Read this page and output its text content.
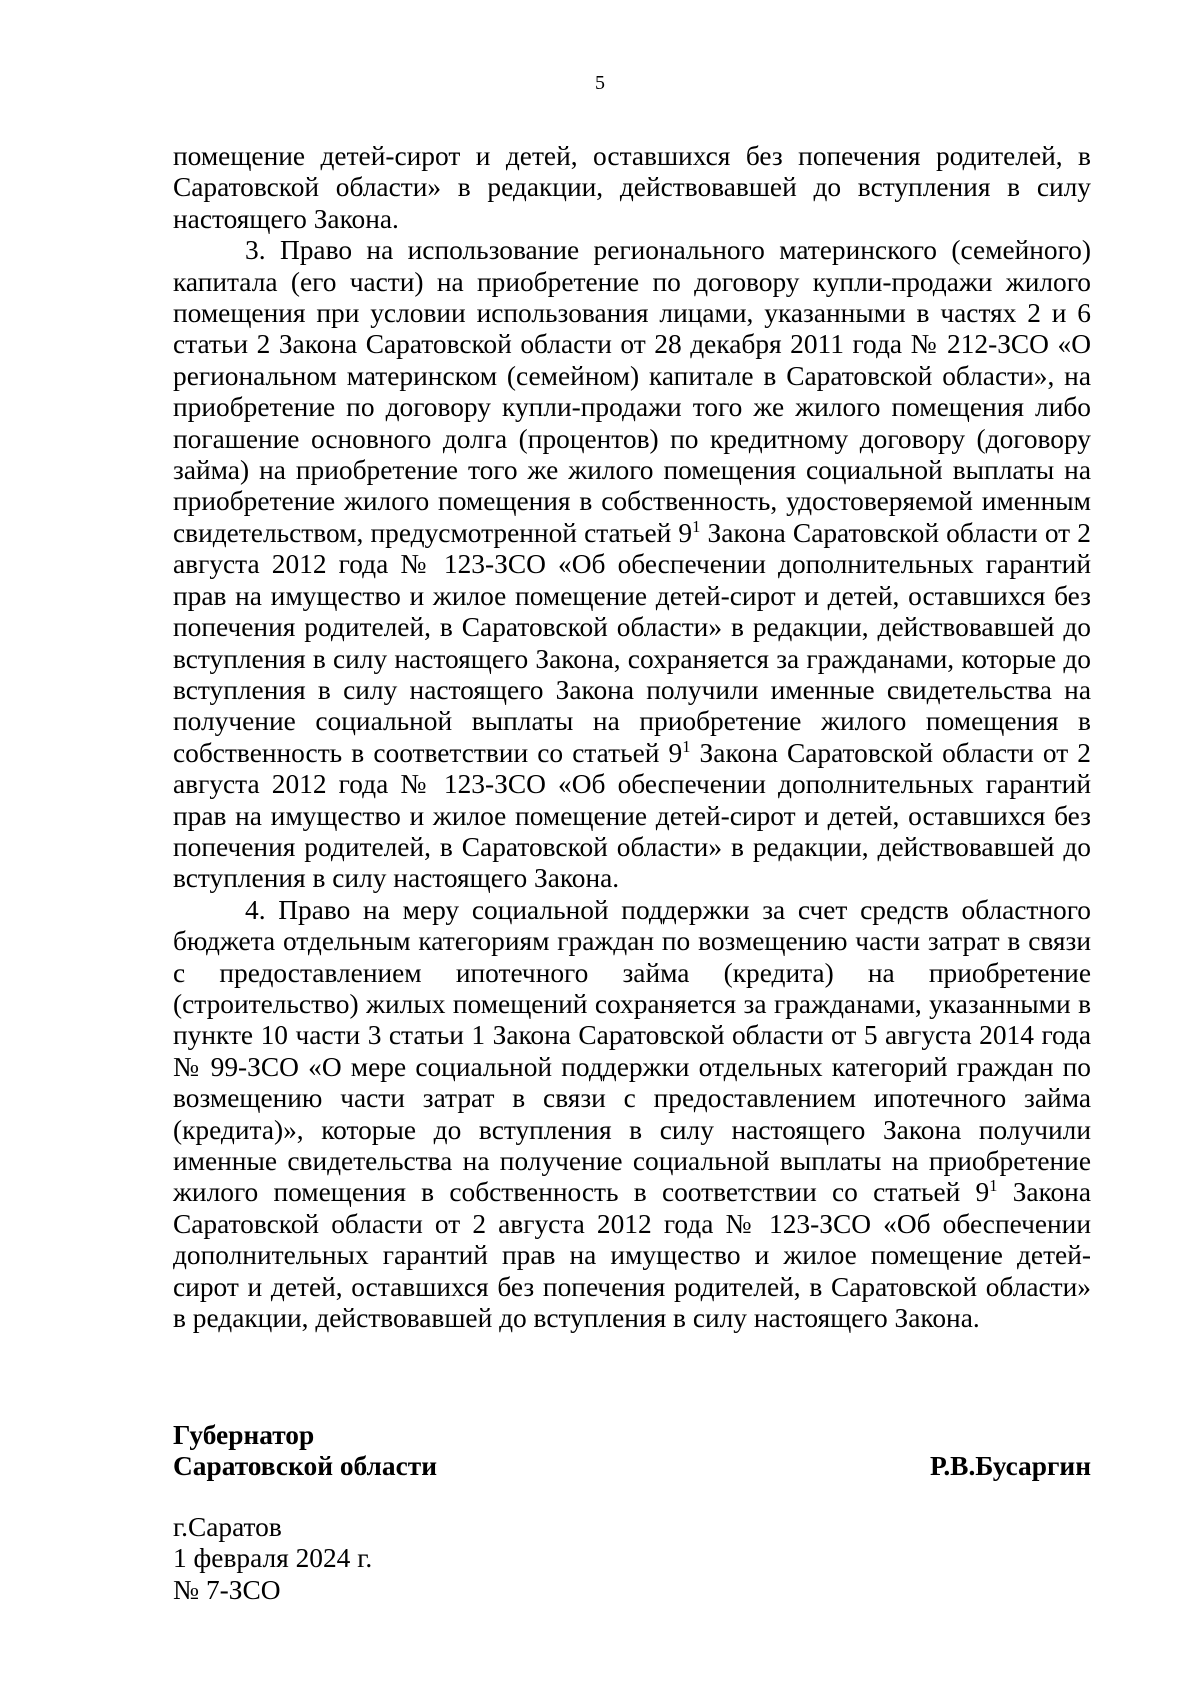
5

помещение детей-сирот и детей, оставшихся без попечения родителей, в Саратовской области» в редакции, действовавшей до вступления в силу настоящего Закона.

3. Право на использование регионального материнского (семейного) капитала (его части) на приобретение по договору купли-продажи жилого помещения при условии использования лицами, указанными в частях 2 и 6 статьи 2 Закона Саратовской области от 28 декабря 2011 года № 212-ЗСО «О региональном материнском (семейном) капитале в Саратовской области», на приобретение по договору купли-продажи того же жилого помещения либо погашение основного долга (процентов) по кредитному договору (договору займа) на приобретение того же жилого помещения социальной выплаты на приобретение жилого помещения в собственность, удостоверяемой именным свидетельством, предусмотренной статьей $9^1$ Закона Саратовской области от 2 августа 2012 года № 123-ЗСО «Об обеспечении дополнительных гарантий прав на имущество и жилое помещение детей-сирот и детей, оставшихся без попечения родителей, в Саратовской области» в редакции, действовавшей до вступления в силу настоящего Закона, сохраняется за гражданами, которые до вступления в силу настоящего Закона получили именные свидетельства на получение социальной выплаты на приобретение жилого помещения в собственность в соответствии со статьей $9^1$ Закона Саратовской области от 2 августа 2012 года № 123-ЗСО «Об обеспечении дополнительных гарантий прав на имущество и жилое помещение детей-сирот и детей, оставшихся без попечения родителей, в Саратовской области» в редакции, действовавшей до вступления в силу настоящего Закона.

4. Право на меру социальной поддержки за счет средств областного бюджета отдельным категориям граждан по возмещению части затрат в связи с предоставлением ипотечного займа (кредита) на приобретение (строительство) жилых помещений сохраняется за гражданами, указанными в пункте 10 части 3 статьи 1 Закона Саратовской области от 5 августа 2014 года № 99-ЗСО «О мере социальной поддержки отдельных категорий граждан по возмещению части затрат в связи с предоставлением ипотечного займа (кредита)», которые до вступления в силу настоящего Закона получили именные свидетельства на получение социальной выплаты на приобретение жилого помещения в собственность в соответствии со статьей $9^1$ Закона Саратовской области от 2 августа 2012 года № 123-ЗСО «Об обеспечении дополнительных гарантий прав на имущество и жилое помещение детей-сирот и детей, оставшихся без попечения родителей, в Саратовской области» в редакции, действовавшей до вступления в силу настоящего Закона.

Губернатор
Саратовской области	Р.В.Бусаргин
г.Саратов
1 февраля 2024 г.
№ 7-ЗСО
